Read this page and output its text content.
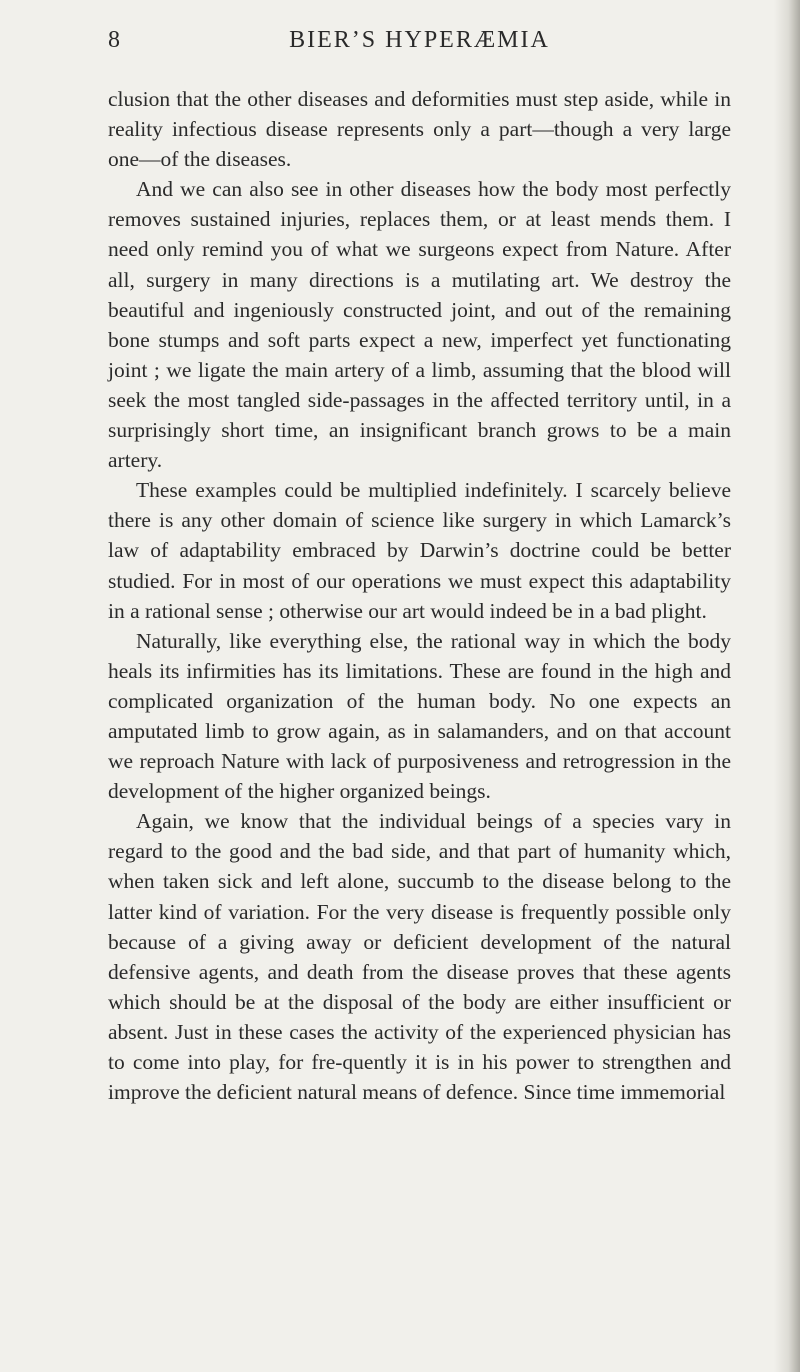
8	BIER’S HYPERÆMIA

clusion that the other diseases and deformities must step aside, while in reality infectious disease represents only a part—though a very large one—of the diseases.

And we can also see in other diseases how the body most perfectly removes sustained injuries, replaces them, or at least mends them. I need only remind you of what we surgeons expect from Nature. After all, surgery in many directions is a mutilating art. We destroy the beautiful and ingeniously constructed joint, and out of the remaining bone stumps and soft parts expect a new, imperfect yet functionating joint ; we ligate the main artery of a limb, assuming that the blood will seek the most tangled side-passages in the affected territory until, in a surprisingly short time, an insignificant branch grows to be a main artery.

These examples could be multiplied indefinitely. I scarcely believe there is any other domain of science like surgery in which Lamarck’s law of adaptability embraced by Darwin’s doctrine could be better studied. For in most of our operations we must expect this adaptability in a rational sense ; otherwise our art would indeed be in a bad plight.

Naturally, like everything else, the rational way in which the body heals its infirmities has its limitations. These are found in the high and complicated organization of the human body. No one expects an amputated limb to grow again, as in salamanders, and on that account we reproach Nature with lack of purposiveness and retrogression in the development of the higher organized beings.

Again, we know that the individual beings of a species vary in regard to the good and the bad side, and that part of humanity which, when taken sick and left alone, succumb to the disease belong to the latter kind of variation. For the very disease is frequently possible only because of a giving away or deficient development of the natural defensive agents, and death from the disease proves that these agents which should be at the disposal of the body are either insufficient or absent. Just in these cases the activity of the experienced physician has to come into play, for fre-quently it is in his power to strengthen and improve the deficient natural means of defence. Since time immemorial
